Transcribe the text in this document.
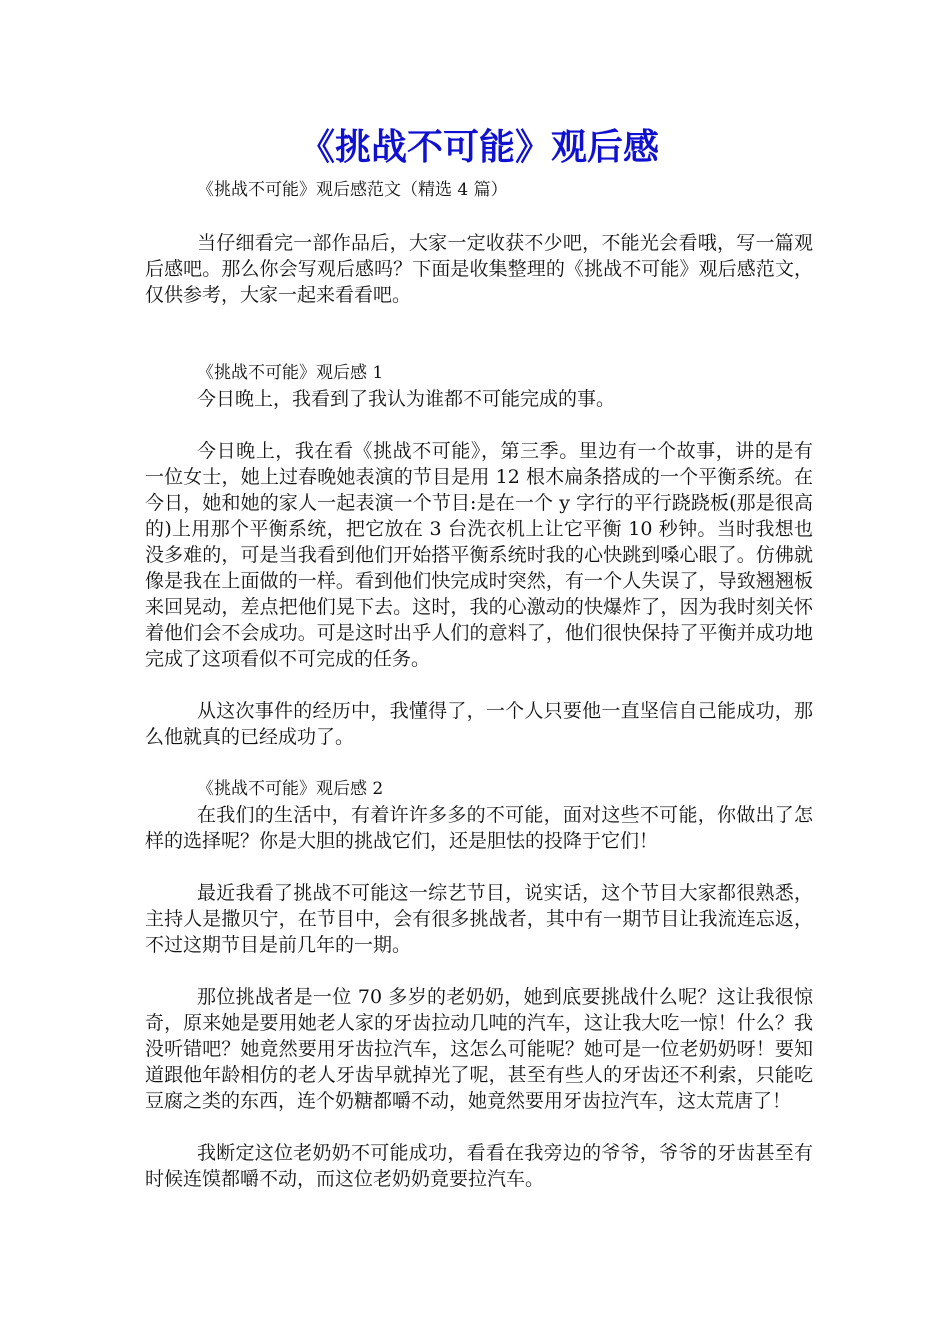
《挑战不可能》观后感

《挑战不可能》观后感范文（精选 4 篇）

当仔细看完一部作品后，大家一定收获不少吧，不能光会看哦，写一篇观后感吧。那么你会写观后感吗？下面是收集整理的《挑战不可能》观后感范文，仅供参考，大家一起来看看吧。

《挑战不可能》观后感 1

今日晚上，我看到了我认为谁都不可能完成的事。

今日晚上，我在看《挑战不可能》，第三季。里边有一个故事，讲的是有一位女士，她上过春晚她表演的节目是用 12 根木扁条搭成的一个平衡系统。在今日，她和她的家人一起表演一个节目:是在一个 y 字行的平行跷跷板(那是很高的)上用那个平衡系统，把它放在 3 台洗衣机上让它平衡 10 秒钟。当时我想也没多难的，可是当我看到他们开始搭平衡系统时我的心快跳到嗓心眼了。仿佛就像是我在上面做的一样。看到他们快完成时突然，有一个人失误了，导致翘翘板来回晃动，差点把他们晃下去。这时，我的心激动的快爆炸了，因为我时刻关怀着他们会不会成功。可是这时出乎人们的意料了，他们很快保持了平衡并成功地完成了这项看似不可完成的任务。

从这次事件的经历中，我懂得了，一个人只要他一直坚信自己能成功，那么他就真的已经成功了。

《挑战不可能》观后感 2

在我们的生活中，有着许许多多的不可能，面对这些不可能，你做出了怎样的选择呢？你是大胆的挑战它们，还是胆怯的投降于它们！

最近我看了挑战不可能这一综艺节目，说实话，这个节目大家都很熟悉，主持人是撒贝宁，在节目中，会有很多挑战者，其中有一期节目让我流连忘返，不过这期节目是前几年的一期。

那位挑战者是一位 70 多岁的老奶奶，她到底要挑战什么呢？这让我很惊奇，原来她是要用她老人家的牙齿拉动几吨的汽车，这让我大吃一惊！什么？我没听错吧？她竟然要用牙齿拉汽车，这怎么可能呢？她可是一位老奶奶呀！要知道跟他年龄相仿的老人牙齿早就掉光了呢，甚至有些人的牙齿还不利索，只能吃豆腐之类的东西，连个奶糖都嚼不动，她竟然要用牙齿拉汽车，这太荒唐了！

我断定这位老奶奶不可能成功，看看在我旁边的爷爷，爷爷的牙齿甚至有时候连馍都嚼不动，而这位老奶奶竟要拉汽车。
